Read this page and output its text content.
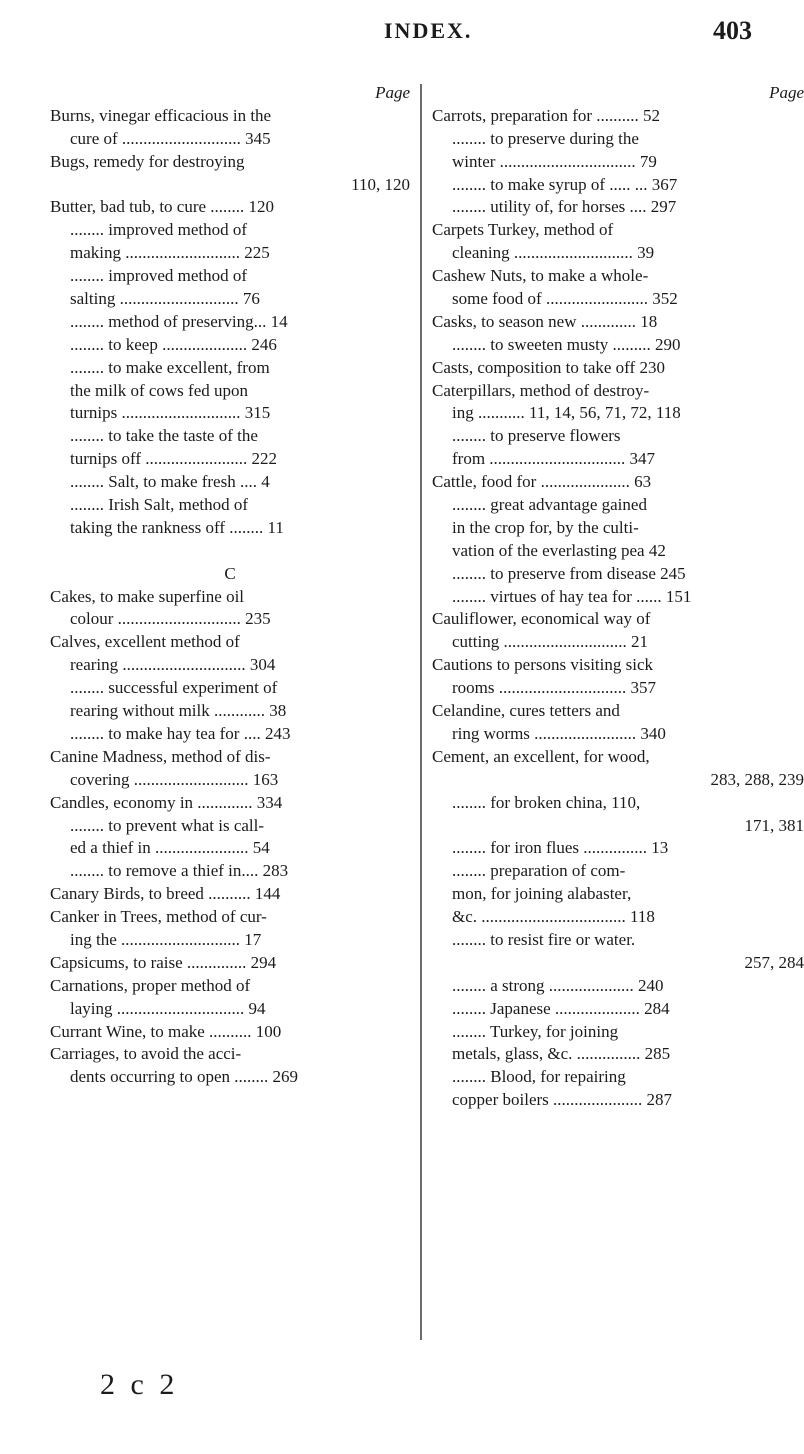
INDEX.	403
Page
Burns, vinegar efficacious in the
cure of ............................ 345
Bugs, remedy for destroying
110, 120
Butter, bad tub, to cure ........ 120
........ improved method of
making ........................... 225
........ improved method of
salting ............................ 76
........ method of preserving... 14
........ to keep .................... 246
........ to make excellent, from
the milk of cows fed upon
turnips ............................ 315
........ to take the taste of the
turnips off ........................ 222
........ Salt, to make fresh .... 4
........ Irish Salt, method of
taking the rankness off ........ 11
C
Cakes, to make superfine oil
colour ............................. 235
Calves, excellent method of
rearing ............................. 304
........ successful experiment of
rearing without milk ............ 38
........ to make hay tea for .... 243
Canine Madness, method of dis-
covering ........................... 163
Candles, economy in ............. 334
........ to prevent what is call-
ed a thief in ...................... 54
........ to remove a thief in.... 283
Canary Birds, to breed .......... 144
Canker in Trees, method of cur-
ing the ............................ 17
Capsicums, to raise .............. 294
Carnations, proper method of
laying .............................. 94
Currant Wine, to make .......... 100
Carriages, to avoid the acci-
dents occurring to open ........ 269
Page
Carrots, preparation for .......... 52
........ to preserve during the
winter ................................ 79
........ to make syrup of ..... ... 367
........ utility of, for horses .... 297
Carpets Turkey, method of
cleaning ............................ 39
Cashew Nuts, to make a whole-
some food of ........................ 352
Casks, to season new ............. 18
........ to sweeten musty ......... 290
Casts, composition to take off 230
Caterpillars, method of destroy-
ing ........... 11, 14, 56, 71, 72, 118
........ to preserve flowers
from ................................ 347
Cattle, food for ..................... 63
........ great advantage gained
in the crop for, by the culti-
vation of the everlasting pea 42
........ to preserve from disease 245
........ virtues of hay tea for ...... 151
Cauliflower, economical way of
cutting ............................. 21
Cautions to persons visiting sick
rooms .............................. 357
Celandine, cures tetters and
ring worms ........................ 340
Cement, an excellent, for wood,
283, 288, 239
........ for broken china, 110,
171, 381
........ for iron flues ............... 13
........ preparation of com-
mon, for joining alabaster,
&c. .................................. 118
........ to resist fire or water.
257, 284
........ a strong .................... 240
........ Japanese .................... 284
........ Turkey, for joining
metals, glass, &c. ............... 285
........ Blood, for repairing
copper boilers ..................... 287
2 c 2
